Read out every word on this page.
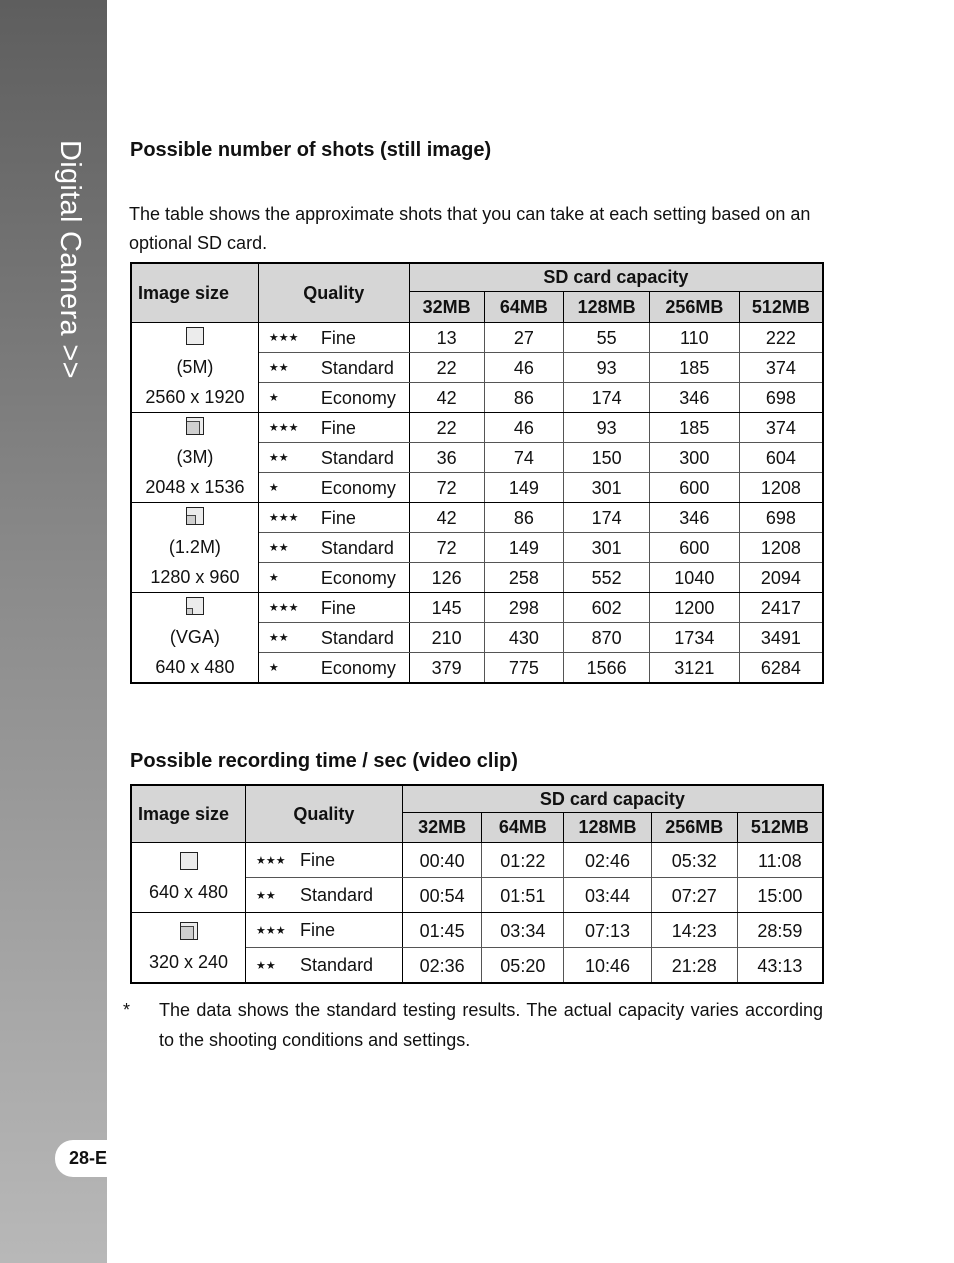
Digital Camera >>
28-E
Possible number of shots (still image)
The table shows the approximate shots that you can take at each setting based on an optional SD card.
Image size	Quality	SD card capacity				
		32MB	64MB	128MB	256MB	512MB

(5M)
2560 x 1920	★★★ Fine	13	27	55	110	222
	★★ Standard	22	46	93	185	374
	★ Economy	42	86	174	346	698

(3M)
2048 x 1536	★★★ Fine	22	46	93	185	374
	★★ Standard	36	74	150	300	604
	★ Economy	72	149	301	600	1208

(1.2M)
1280 x 960	★★★ Fine	42	86	174	346	698
	★★ Standard	72	149	301	600	1208
	★ Economy	126	258	552	1040	2094

(VGA)
640 x 480	★★★ Fine	145	298	602	1200	2417
	★★ Standard	210	430	870	1734	3491
	★ Economy	379	775	1566	3121	6284
Possible recording time / sec (video clip)
Image size	Quality	SD card capacity				
		32MB	64MB	128MB	256MB	512MB

640 x 480	★★★ Fine	00:40	01:22	02:46	05:32	11:08
	★★ Standard	00:54	01:51	03:44	07:27	15:00

320 x 240	★★★ Fine	01:45	03:34	07:13	14:23	28:59
	★★ Standard	02:36	05:20	10:46	21:28	43:13
* The data shows the standard testing results. The actual capacity varies according to the shooting conditions and settings.
